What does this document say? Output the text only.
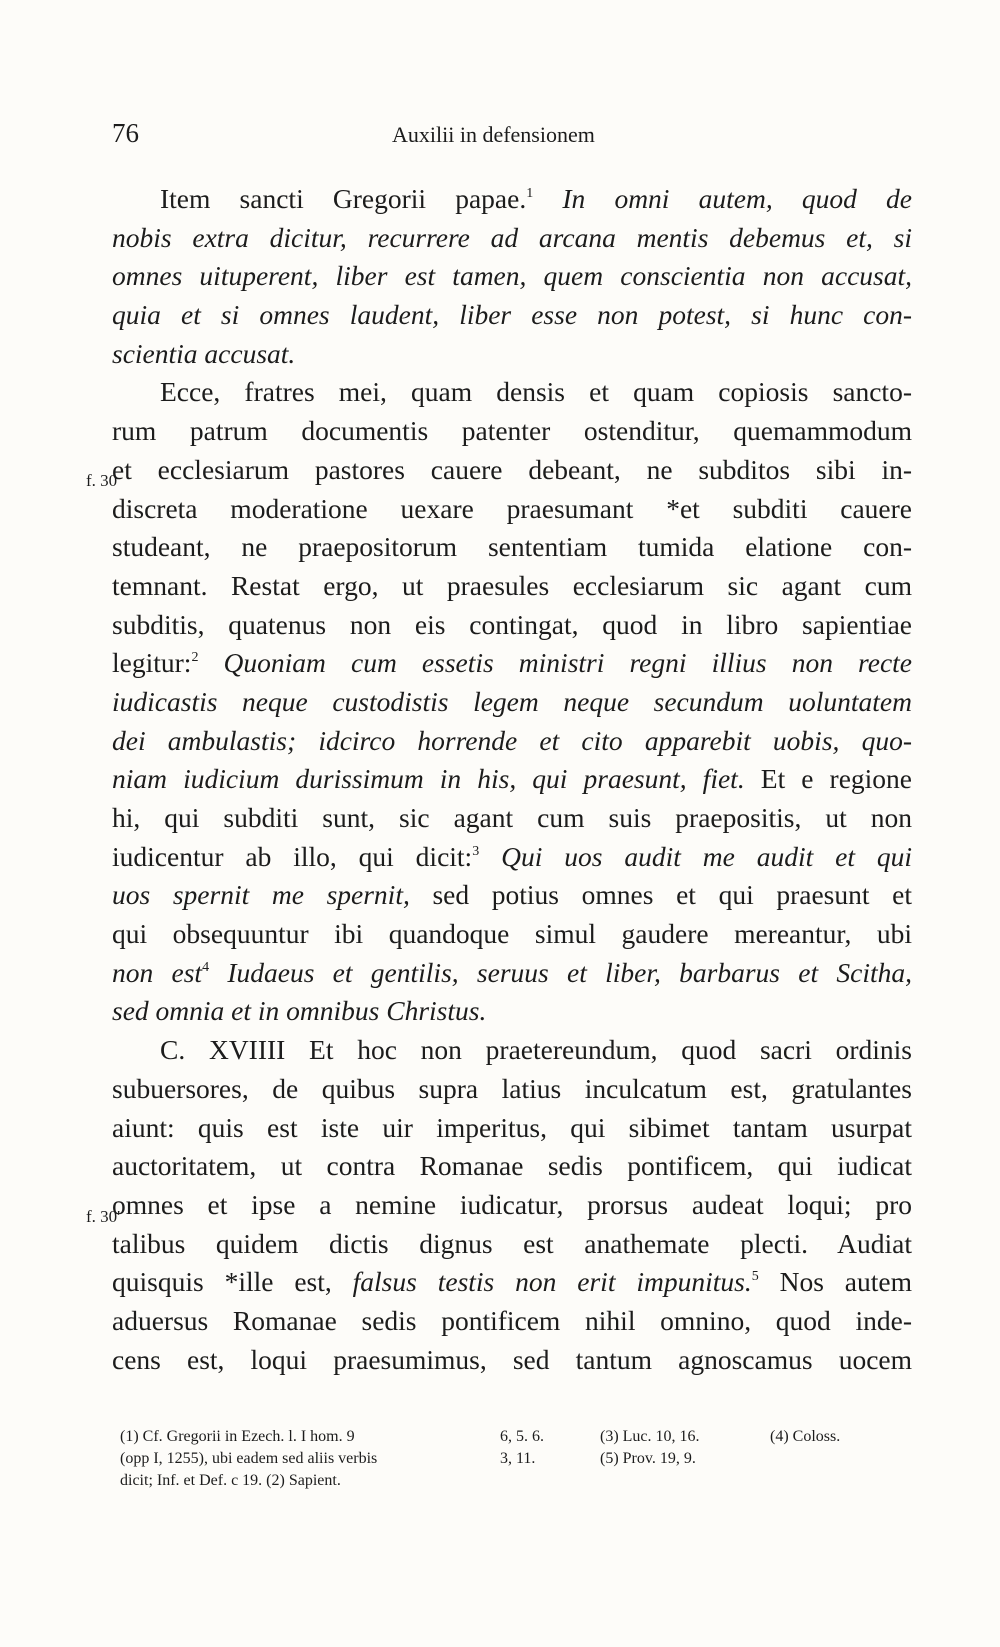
76	Auxilii in defensionem
f. 30
f. 30'
Item sancti Gregorii papae.$^1$ In omni autem, quod de
nobis extra dicitur, recurrere ad arcana mentis debemus et, si
omnes uituperent, liber est tamen, quem conscientia non accusat,
quia et si omnes laudent, liber esse non potest, si hunc con-
scientia accusat.
Ecce, fratres mei, quam densis et quam copiosis sancto-
rum patrum documentis patenter ostenditur, quemammodum
et ecclesiarum pastores cauere debeant, ne subditos sibi in-
discreta moderatione uexare praesumant *et subditi cauere
studeant, ne praepositorum sententiam tumida elatione con-
temnant. Restat ergo, ut praesules ecclesiarum sic agant cum
subditis, quatenus non eis contingat, quod in libro sapientiae
legitur:$^2$ Quoniam cum essetis ministri regni illius non recte
iudicastis neque custodistis legem neque secundum uoluntatem
dei ambulastis; idcirco horrende et cito apparebit uobis, quo-
niam iudicium durissimum in his, qui praesunt, fiet. Et e regione
hi, qui subditi sunt, sic agant cum suis praepositis, ut non
iudicentur ab illo, qui dicit:$^3$ Qui uos audit me audit et qui
uos spernit me spernit, sed potius omnes et qui praesunt et
qui obsequuntur ibi quandoque simul gaudere mereantur, ubi
non est$^4$ Iudaeus et gentilis, seruus et liber, barbarus et Scitha,
sed omnia et in omnibus Christus.
C. XVIIII Et hoc non praetereundum, quod sacri ordinis
subuersores, de quibus supra latius inculcatum est, gratulantes
aiunt: quis est iste uir imperitus, qui sibimet tantam usurpat
auctoritatem, ut contra Romanae sedis pontificem, qui iudicat
omnes et ipse a nemine iudicatur, prorsus audeat loqui; pro
talibus quidem dictis dignus est anathemate plecti. Audiat
quisquis *ille est, falsus testis non erit impunitus.$^5$ Nos autem
aduersus Romanae sedis pontificem nihil omnino, quod inde-
cens est, loqui praesumimus, sed tantum agnoscamus uocem
(1) Cf. Gregorii in Ezech. l. I hom. 9	6, 5. 6.	(3) Luc. 10, 16.	(4) Coloss.
(opp I, 1255), ubi eadem sed aliis verbis	3, 11.	(5) Prov. 19, 9.
dicit; Inf. et Def. c 19. (2) Sapient.
